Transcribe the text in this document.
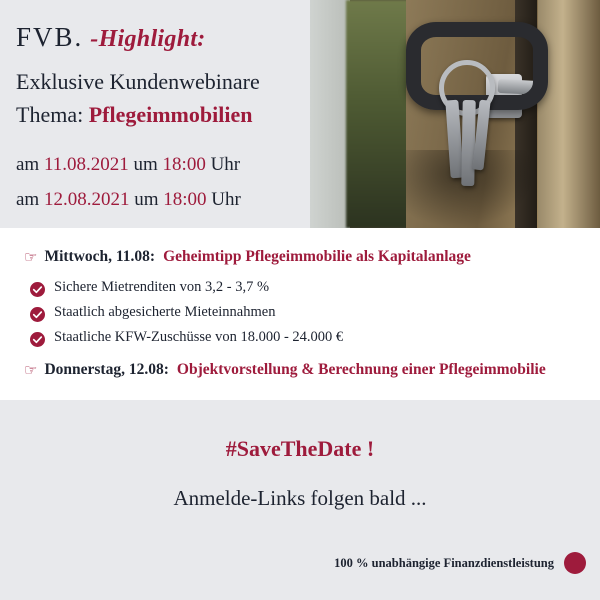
FVB. -Highlight:
Exklusive Kundenwebinare
Thema: Pflegeimmobilien
am 11.08.2021 um 18:00 Uhr
am 12.08.2021 um 18:00 Uhr
☞ Mittwoch, 11.08: Geheimtipp Pflegeimmobilie als Kapitalanlage
Sichere Mietrenditen von 3,2 - 3,7 %
Staatlich abgesicherte Mieteinnahmen
Staatliche KFW-Zuschüsse von 18.000 - 24.000 €
☞ Donnerstag, 12.08: Objektvorstellung & Berechnung einer Pflegeimmobilie
#SaveTheDate !
Anmelde-Links folgen bald ...
100 % unabhängige Finanzdienstleistung
